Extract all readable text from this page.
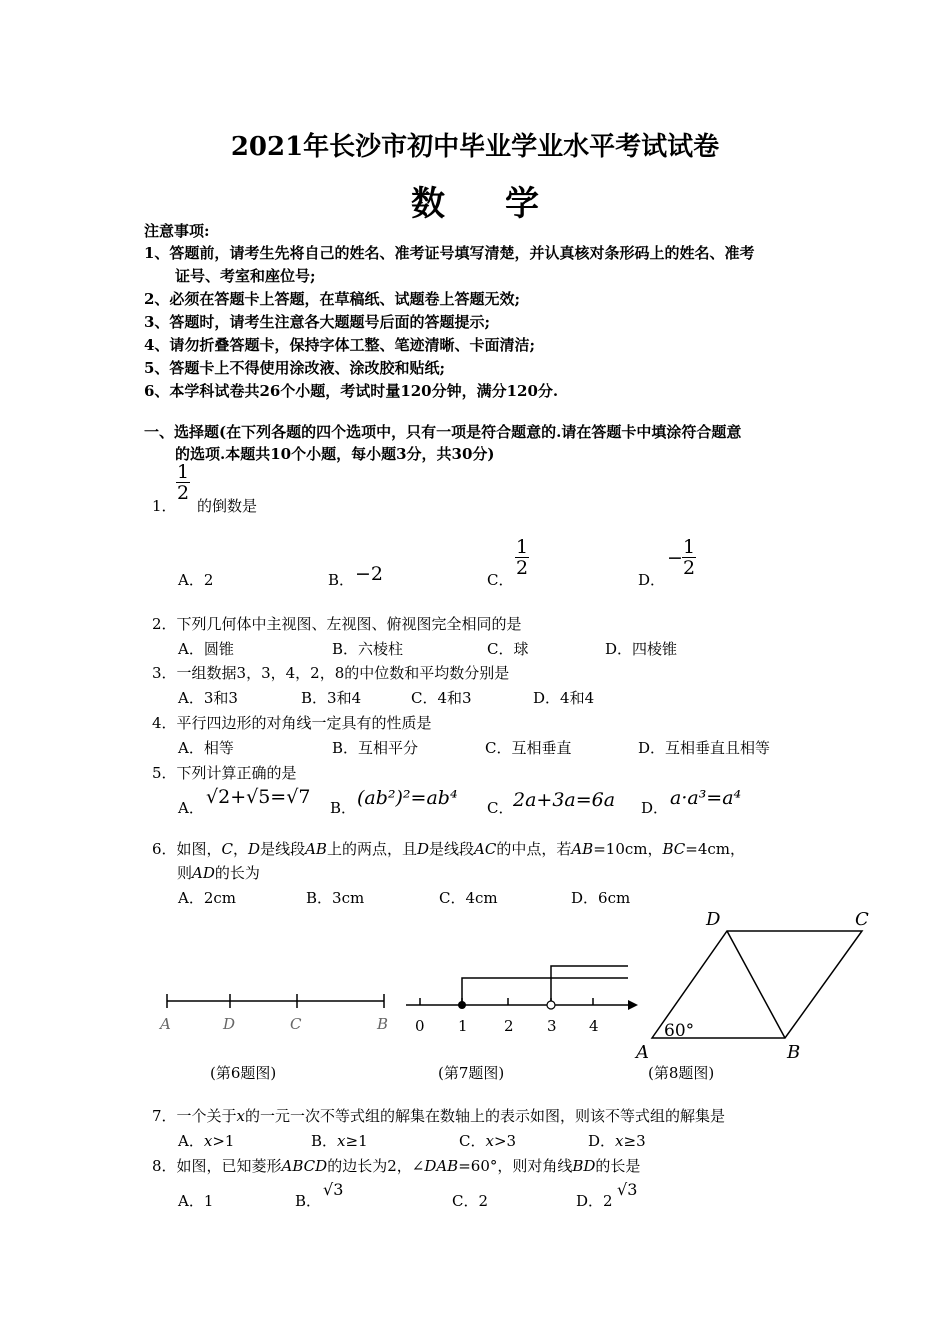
2021年长沙市初中毕业学业水平考试试卷
数学
注意事项:
1、答题前，请考生先将自己的姓名、准考证号填写清楚，并认真核对条形码上的姓名、准考
证号、考室和座位号;
2、必须在答题卡上答题，在草稿纸、试题卷上答题无效;
3、答题时，请考生注意各大题题号后面的答题提示;
4、请勿折叠答题卡，保持字体工整、笔迹清晰、卡面清洁;
5、答题卡上不得使用涂改液、涂改胶和贴纸;
6、本学科试卷共26个小题，考试时量120分钟，满分120分.
一、选择题(在下列各题的四个选项中，只有一项是符合题意的.请在答题卡中填涂符合题意
的选项.本题共10个小题，每小题3分，共30分)
1．
1
2
的倒数是
A．2	B． −2	C．
1
2
D．
− 1
2
2．下列几何体中主视图、左视图、俯视图完全相同的是
A．圆锥	B．六棱柱	C．球	D．四棱锥
3．一组数据3，3，4，2，8的中位数和平均数分别是
A．3和3	B．3和4	C．4和3	D．4和4
4．平行四边形的对角线一定具有的性质是
A．相等	B．互相平分	C．互相垂直	D．互相垂直且相等
5．下列计算正确的是
A． √2+√5=√7 B． (ab²)²=ab⁴ C． 2a+3a=6a D． a·a³=a⁴
6．如图，C，D是线段AB上的两点，且D是线段AC的中点，若AB=10cm，BC=4cm，
则AD的长为
A．2cm	B．3cm	C．4cm	D．6cm
A	D	C	B
(第6题图)
0 1 2 3 4
(第7题图)
D	C
A	B
60°
(第8题图)
7．一个关于x的一元一次不等式组的解集在数轴上的表示如图，则该不等式组的解集是
A．x>1	B．x≥1	C．x>3	D．x≥3
8．如图，已知菱形ABCD的边长为2，∠DAB=60°，则对角线BD的长是
A．1	B．
√3
C．2	D．2
√3
